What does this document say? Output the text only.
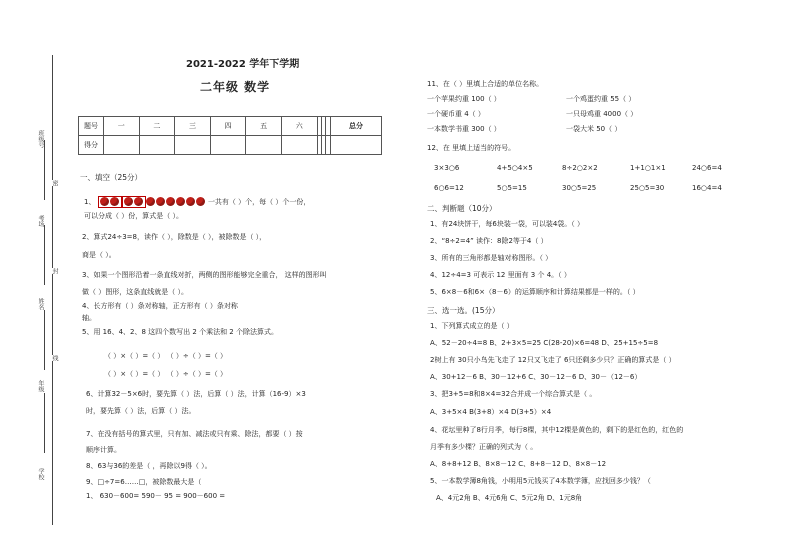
班级号
考场
姓名
年级
学校
密
封
线
2021-2022 学年下学期
二年级 数学
题号	一	二	三	四	五	六				总分
得分										
一、填空（25分）
1、	一共有（ ）个，每（ ）个一份，
可以分成（ ）份，算式是（ ）。
2、算式24÷3=8，读作（ ），除数是（ ），被除数是（ ），
商是（ ）。
3、如果一个图形沿着一条直线对折，两侧的图形能够完全重合， 这样的图形叫
做（ ）图形，这条直线就是（ ）。
4、长方形有（ ）条对称轴，正方形有（ ）条对称
轴。
5、用 16、4、2、8 这四个数写出 2 个乘法和 2 个除法算式。
（ ）×（ ）=（ ） （ ）÷（ ）=（ ）
（ ）×（ ）=（ ） （ ）÷（ ）=（ ）
6、计算32－5×6时，要先算（ ）法，后算（ ）法，计算（16-9）×3
时，要先算（ ）法，后算（ ）法。
7、在没有括号的算式里，只有加、减法或只有乘、除法，都要（ ）按
顺序计算。
8、63与36的差是（ ，再除以9得（ ）。
9、□÷7=6……□，被除数最大是（
1、 630－600= 590－ 95 = 900－600 =
11、在（ ）里填上合适的单位名称。
一个苹果约重 100（ ）	一个鸡蛋约重 55（ ）
一个硬币重 4（ ）	一只母鸡重 4000（ ）
一本数学书重 300（ ）	一袋大米 50（ ）
12、在 里填上适当的符号。
3×3○6	4+5○4×5	8÷2○2×2	1+1○1×1	24○6=4
6○6=12	5○5=15	30○5=25	25○5=30	16○4=4
二、判断题（10分）
1、有24块饼干，每6块装一袋，可以装4袋。（ ）
2、“8÷2=4” 读作：8除2等于4（ ）
3、所有的三角形都是轴对称图形。（ ）
4、12÷4=3 可表示 12 里面有 3 个 4。（ ）
5、6×8－6和6×（8－6）的运算顺序和计算结果都是一样的。（ ）
三、选一选。(15分）
1、下列算式成立的是（ ）
A、52－20÷4=8 B、2+3×5=25 C(28-20)×6=48 D、25+15÷5=8
2树上有 30只小鸟先飞走了 12只又飞走了 6只还剩多少只？正确的算式是（ ）
A、30+12－6 B、30－12+6 C、30－12－6 D、30－（12－6）
3、把3+5=8和8×4=32合并成一个综合算式是（ 。
A、3+5×4 B(3+8）×4 D(3+5）×4
4、花坛里种了8行月季，每行8棵，其中12棵是黄色的，剩下的是红色的，红色的
月季有多少棵？正确的列式为（ 。
A、8+8+12 B、8×8－12 C、8+8－12 D、8×8－12
5、一本数学簿8角钱，小明用5元钱买了4本数学簿，应找回多少钱？（
A、4元2角 B、4元6角 C、5元2角 D、1元8角
